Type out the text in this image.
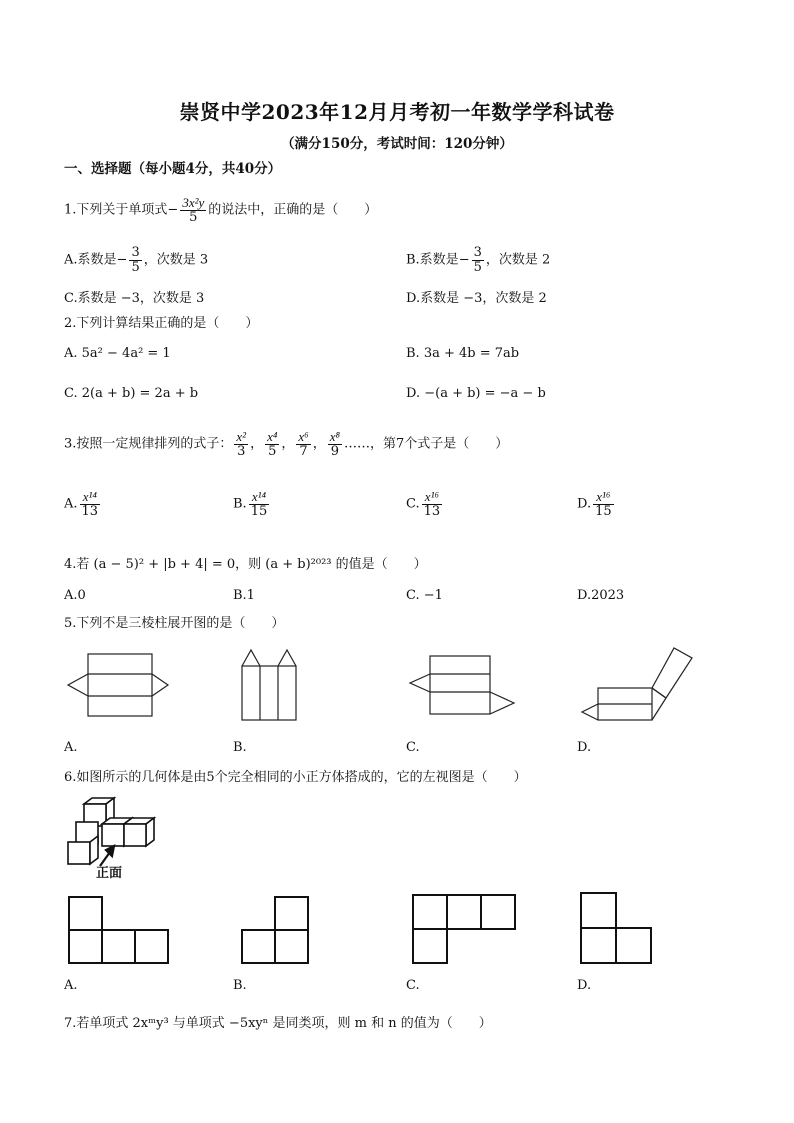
崇贤中学2023年12月月考初一年数学学科试卷
（满分150分，考试时间：120分钟）
一、选择题（每小题4分，共40分）
1.下列关于单项式− $\frac{\text{3x²y}}{5}$ 的说法中，正确的是（　　）
A.系数是− $\frac{3}{5}$ ，次数是 3	B.系数是− $\frac{3}{5}$ ，次数是 2
C.系数是 −3，次数是 3	D.系数是 −3，次数是 2
2.下列计算结果正确的是（　　）
A. 5a² − 4a² = 1	B. 3a + 4b = 7ab
C. 2(a + b) = 2a + b	D. −(a + b) = −a − b
3.按照一定规律排列的式子： $\frac{\text{x²}}{3}$ ， $\frac{\text{x⁴}}{5}$ ， $\frac{\text{x⁶}}{7}$ ， $\frac{\text{x⁸}}{9}$ ……，第7个式子是（　　）
A. $\frac{\text{x¹⁴}}{13}$	B. $\frac{\text{x¹⁴}}{15}$	C. $\frac{\text{x¹⁶}}{13}$	D. $\frac{\text{x¹⁶}}{15}$
4.若 (a − 5)² + |b + 4| = 0，则 (a + b)²⁰²³ 的值是（　　）
A.0	B.1	C. −1	D.2023
5.下列不是三棱柱展开图的是（　　）
A.	B.	C.	D.
6.如图所示的几何体是由5个完全相同的小正方体搭成的，它的左视图是（　　）
正面
A.	B.	C.	D.
7.若单项式 2xᵐy³ 与单项式 −5xyⁿ 是同类项，则 m 和 n 的值为（　　）
